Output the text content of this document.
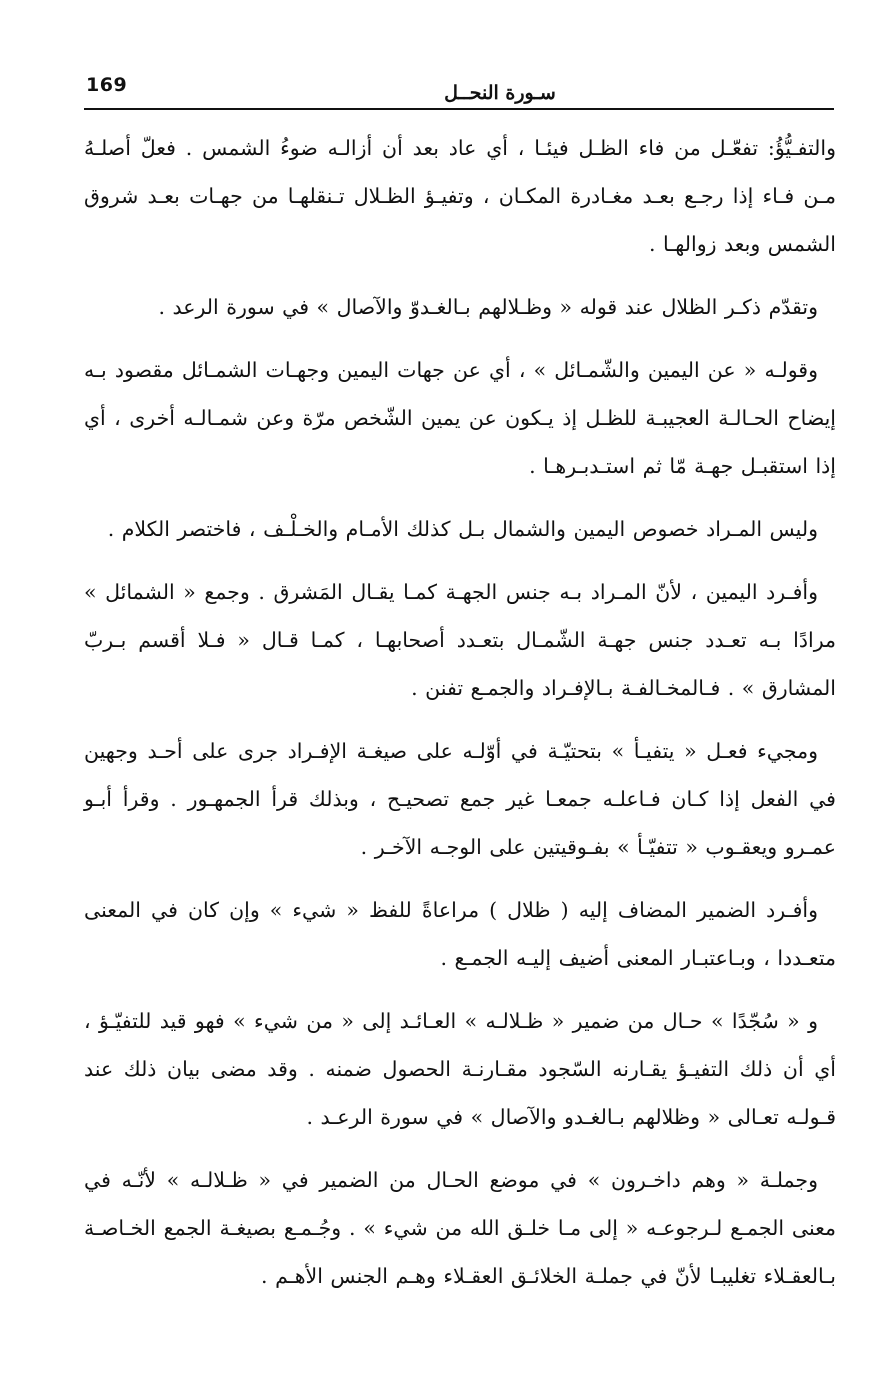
169	سـورة النحــل

والتفـيُّؤُ: تفعّـل من فاء الظـل فيئـا ، أي عاد بعد أن أزالـه ضوءُ الشمس . فعلّ أصلـهُ مـن فـاء إذا رجـع بعـد مغـادرة المكـان ، وتفيـؤ الظـلال تـنقلهـا من جهـات بعـد شروق الشمس وبعد زوالهـا .

وتقدّم ذكـر الظلال عند قوله « وظـلالهم بـالغـدوّ والآصال » في سورة الرعد .

وقولـه « عن اليمين والشّمـائل » ، أي عن جهات اليمين وجهـات الشمـائل مقصود بـه إيضاح الحـالـة العجيبـة للظـل إذ يـكون عن يمين الشّخص مرّة وعن شمـالـه أخرى ، أي إذا استقبـل جهـة مّا ثم استـدبـرهـا .

وليس المـراد خصوص اليمين والشمال بـل كذلك الأمـام والخـلْـف ، فاختصر الكلام .

وأفـرد اليمين ، لأنّ المـراد بـه جنس الجهـة كمـا يقـال المَشرق . وجمع « الشمائل » مرادًا بـه تعـدد جنس جهـة الشّمـال بتعـدد أصحابهـا ، كمـا قـال « فـلا أقسم بـربّ المشارق » . فـالمخـالفـة بـالإفـراد والجمـع تفنن .

ومجيء فعـل « يتفيـأ » بتحتيّـة في أوّلـه على صيغـة الإفـراد جرى على أحـد وجهين في الفعل إذا كـان فـاعلـه جمعـا غير جمع تصحيـح ، وبذلك قرأ الجمهـور . وقرأ أبـو عمـرو ويعقـوب « تتفيّـأ » بفـوقيتين على الوجـه الآخـر .

وأفـرد الضمير المضاف إليه ( ظلال ) مراعاةً للفظ « شيء » وإن كان في المعنى متعـددا ، وبـاعتبـار المعنى أضيف إليـه الجمـع .

و « سُجّدًا » حـال من ضمير « ظـلالـه » العـائـد إلى « من شيء » فهو قيد للتفيّـؤ ، أي أن ذلك التفيـؤ يقـارنه السّجود مقـارنـة الحصول ضمنه . وقد مضى بيان ذلك عند قـولـه تعـالى « وظلالهم بـالغـدو والآصال » في سورة الرعـد .

وجملـة « وهم داخـرون » في موضع الحـال من الضمير في « ظـلالـه » لأنّـه في معنى الجمـع لـرجوعـه « إلى مـا خلـق الله من شيء » . وجُـمـع بصيغـة الجمع الخـاصـة بـالعقـلاء تغليبـا لأنّ في جملـة الخلائـق العقـلاء وهـم الجنس الأهـم .
